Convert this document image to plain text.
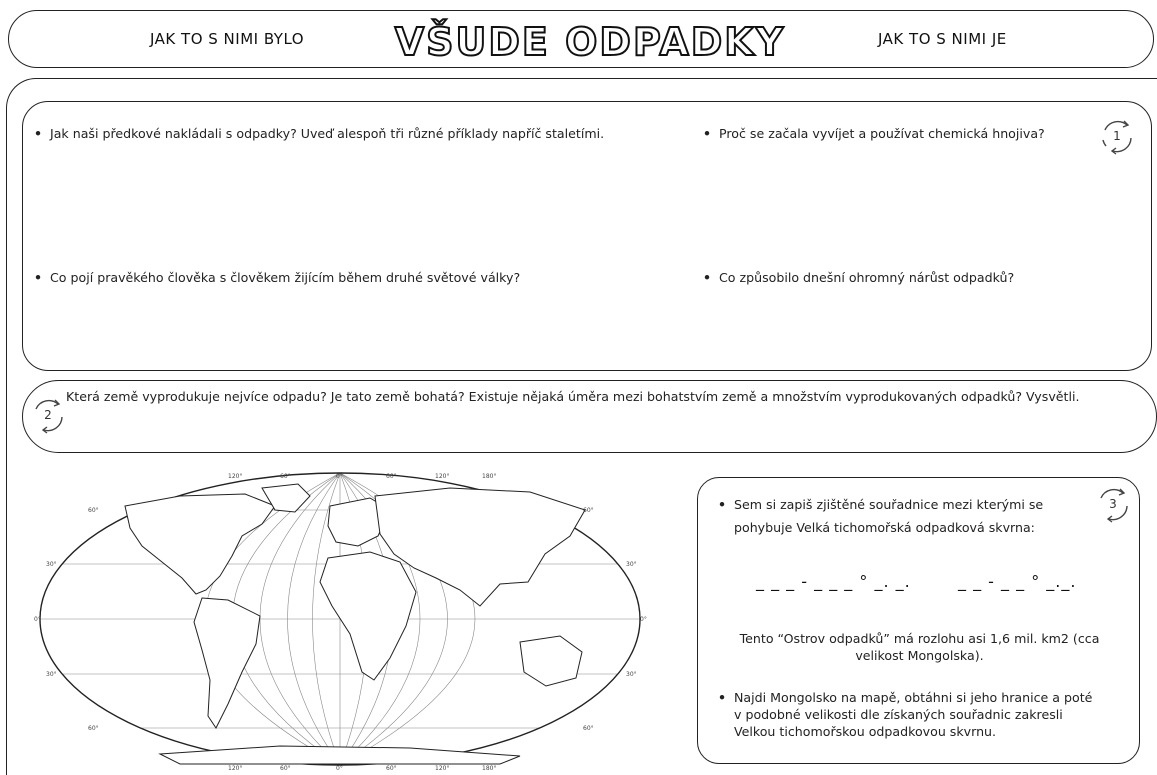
JAK TO S NIMI BYLO VŠUDE ODPADKY	JAK TO S NIMI JE
• Jak naši předkové nakládali s odpadky? Uveď alespoň tři různé příklady napříč staletími.	• Proč se začala vyvíjet a používat chemická hnojiva?
• Co pojí pravěkého člověka s člověkem žijícím během druhé světové války?	• Co způsobilo dnešní ohromný nárůst odpadků?
1
2
Která země vyprodukuje nejvíce odpadu? Je tato země bohatá? Existuje nějaká úměra mezi bohatstvím země a množstvím vyprodukovaných odpadků? Vysvětli.
120°	60°	0°	60°	120°	180°
120°	60°	0°	60°	120°	180°
60°
30°
0°
30°
60°
60°
30°
0°
30°
60°
3
• Sem si zapiš zjištěné souřadnice mezi kterými se
pohybuje Velká tichomořská odpadková skvrna:
_ _ _ - _ _ _ ° _. _.	_ _ - _ _ ° _._.
Tento “Ostrov odpadků” má rozlohu asi 1,6 mil. km2 (cca
velikost Mongolska).
• Najdi Mongolsko na mapě, obtáhni si jeho hranice a poté
v podobné velikosti dle získaných souřadnic zakresli
Velkou tichomořskou odpadkovou skvrnu.
